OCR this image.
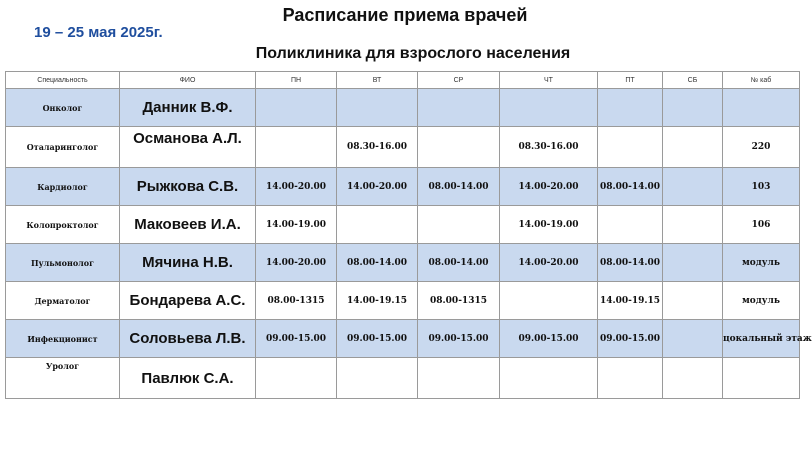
Расписание приема врачей
19 – 25 мая 2025г.
Поликлиника для взрослого населения
Специальность	ФИО	ПН	ВТ	СР	ЧТ	ПТ	СБ	№ каб
Онколог	Данник В.Ф.							
Оталаринголог	Османова А.Л.		08.30-16.00		08.30-16.00			220
Кардиолог	Рыжкова С.В.	14.00-20.00	14.00-20.00	08.00-14.00	14.00-20.00	08.00-14.00		103
Колопроктолог	Маковеев И.А.	14.00-19.00			14.00-19.00			106
Пульмонолог	Мячина Н.В.	14.00-20.00	08.00-14.00	08.00-14.00	14.00-20.00	08.00-14.00		модуль
Дерматолог	Бондарева А.С.	08.00-1315	14.00-19.15	08.00-1315		14.00-19.15		модуль
Инфекционист	Соловьева Л.В.	09.00-15.00	09.00-15.00	09.00-15.00	09.00-15.00	09.00-15.00		цокальный этаж
Уролог	Павлюк С.А.							
